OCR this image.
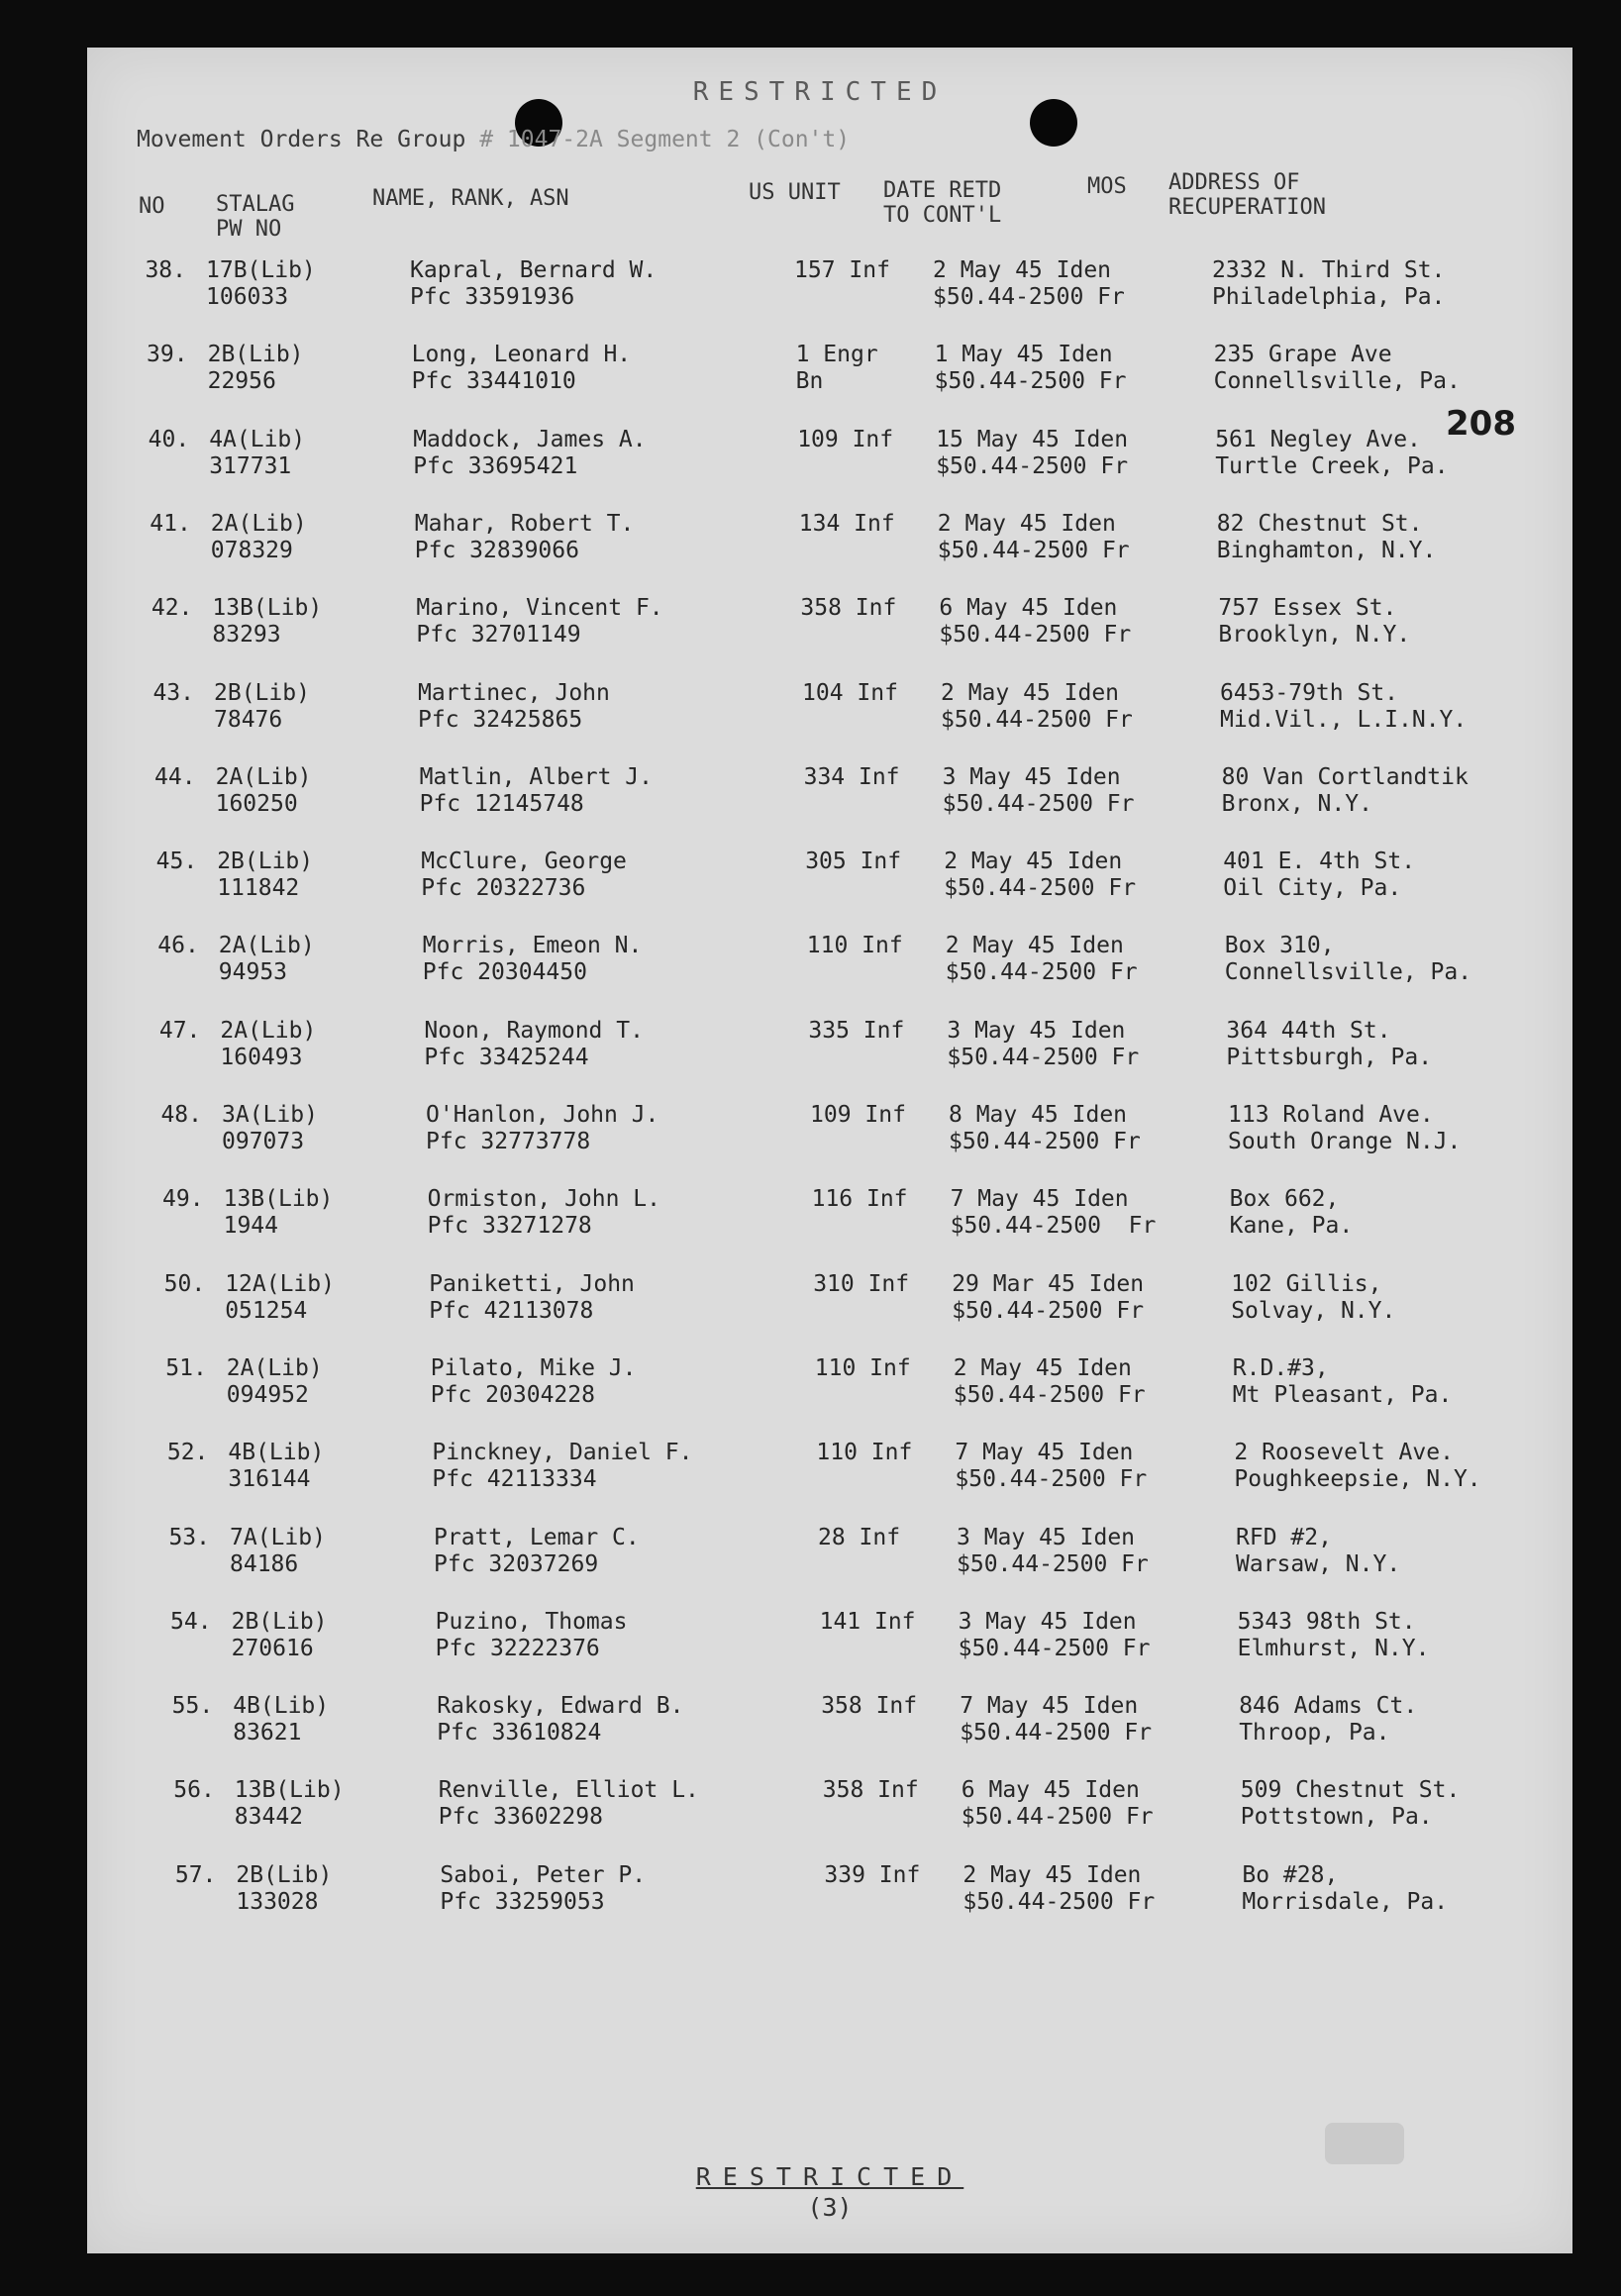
RESTRICTED
Movement Orders Re Group # 1047-2A Segment 2 (Con't)
208
NO STALAG
PW NO
NAME, RANK, ASN	US UNIT DATE RETD
TO CONT'L
MOS ADDRESS OF
RECUPERATION
38. 17B(Lib)
106033
Kapral, Bernard W.
Pfc 33591936
157 Inf 2 May 45 Iden
$50.44-2500 Fr
2332 N. Third St.
Philadelphia, Pa.
39. 2B(Lib)
22956
Long, Leonard H.
Pfc 33441010
1 Engr
Bn
1 May 45 Iden
$50.44-2500 Fr
235 Grape Ave
Connellsville, Pa.
40. 4A(Lib)
317731
Maddock, James A.
Pfc 33695421
109 Inf 15 May 45 Iden
$50.44-2500 Fr
561 Negley Ave.
Turtle Creek, Pa.
41. 2A(Lib)
078329
Mahar, Robert T.
Pfc 32839066
134 Inf 2 May 45 Iden
$50.44-2500 Fr
82 Chestnut St.
Binghamton, N.Y.
42. 13B(Lib)
83293
Marino, Vincent F.
Pfc 32701149
358 Inf 6 May 45 Iden
$50.44-2500 Fr
757 Essex St.
Brooklyn, N.Y.
43. 2B(Lib)
78476
Martinec, John
Pfc 32425865
104 Inf 2 May 45 Iden
$50.44-2500 Fr
6453-79th St.
Mid.Vil., L.I.N.Y.
44. 2A(Lib)
160250
Matlin, Albert J.
Pfc 12145748
334 Inf 3 May 45 Iden
$50.44-2500 Fr
80 Van Cortlandtik
Bronx, N.Y.
45. 2B(Lib)
111842
McClure, George
Pfc 20322736
305 Inf 2 May 45 Iden
$50.44-2500 Fr
401 E. 4th St.
Oil City, Pa.
46. 2A(Lib)
94953
Morris, Emeon N.
Pfc 20304450
110 Inf 2 May 45 Iden
$50.44-2500 Fr
Box 310,
Connellsville, Pa.
47. 2A(Lib)
160493
Noon, Raymond T.
Pfc 33425244
335 Inf 3 May 45 Iden
$50.44-2500 Fr
364 44th St.
Pittsburgh, Pa.
48. 3A(Lib)
097073
O'Hanlon, John J.
Pfc 32773778
109 Inf 8 May 45 Iden
$50.44-2500 Fr
113 Roland Ave.
South Orange N.J.
49. 13B(Lib)
1944
Ormiston, John L.
Pfc 33271278
116 Inf 7 May 45 Iden
$50.44-2500  Fr
Box 662,
Kane, Pa.
50. 12A(Lib)
051254
Paniketti, John
Pfc 42113078
310 Inf 29 Mar 45 Iden
$50.44-2500 Fr
102 Gillis,
Solvay, N.Y.
51. 2A(Lib)
094952
Pilato, Mike J.
Pfc 20304228
110 Inf 2 May 45 Iden
$50.44-2500 Fr
R.D.#3,
Mt Pleasant, Pa.
52. 4B(Lib)
316144
Pinckney, Daniel F.
Pfc 42113334
110 Inf 7 May 45 Iden
$50.44-2500 Fr
2 Roosevelt Ave.
Poughkeepsie, N.Y.
53. 7A(Lib)
84186
Pratt, Lemar C.
Pfc 32037269
28 Inf 3 May 45 Iden
$50.44-2500 Fr
RFD #2,
Warsaw, N.Y.
54. 2B(Lib)
270616
Puzino, Thomas
Pfc 32222376
141 Inf 3 May 45 Iden
$50.44-2500 Fr
5343 98th St.
Elmhurst, N.Y.
55. 4B(Lib)
83621
Rakosky, Edward B.
Pfc 33610824
358 Inf 7 May 45 Iden
$50.44-2500 Fr
846 Adams Ct.
Throop, Pa.
56. 13B(Lib)
83442
Renville, Elliot L.
Pfc 33602298
358 Inf 6 May 45 Iden
$50.44-2500 Fr
509 Chestnut St.
Pottstown, Pa.
57. 2B(Lib)
133028
Saboi, Peter P.
Pfc 33259053
339 Inf 2 May 45 Iden
$50.44-2500 Fr
Bo #28,
Morrisdale, Pa.
RESTRICTED
(3)
